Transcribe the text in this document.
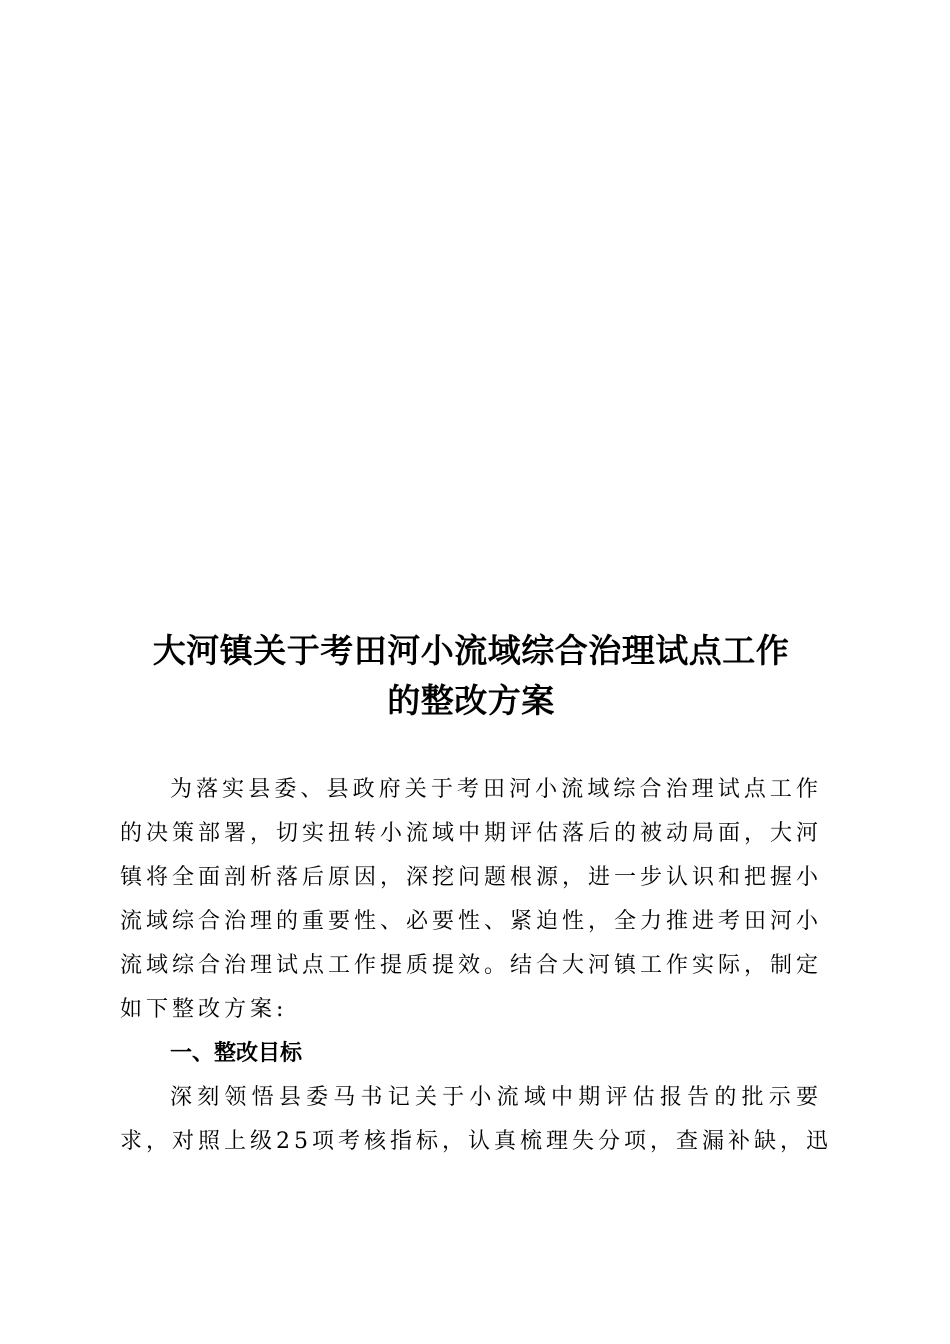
大河镇关于考田河小流域综合治理试点工作
的整改方案
为落实县委、县政府关于考田河小流域综合治理试点工作
的决策部署，切实扭转小流域中期评估落后的被动局面，大河
镇将全面剖析落后原因，深挖问题根源，进一步认识和把握小
流域综合治理的重要性、必要性、紧迫性，全力推进考田河小
流域综合治理试点工作提质提效。结合大河镇工作实际，制定
如下整改方案:
一、整改目标
深刻领悟县委马书记关于小流域中期评估报告的批示要
求，对照上级25项考核指标，认真梳理失分项，查漏补缺，迅
